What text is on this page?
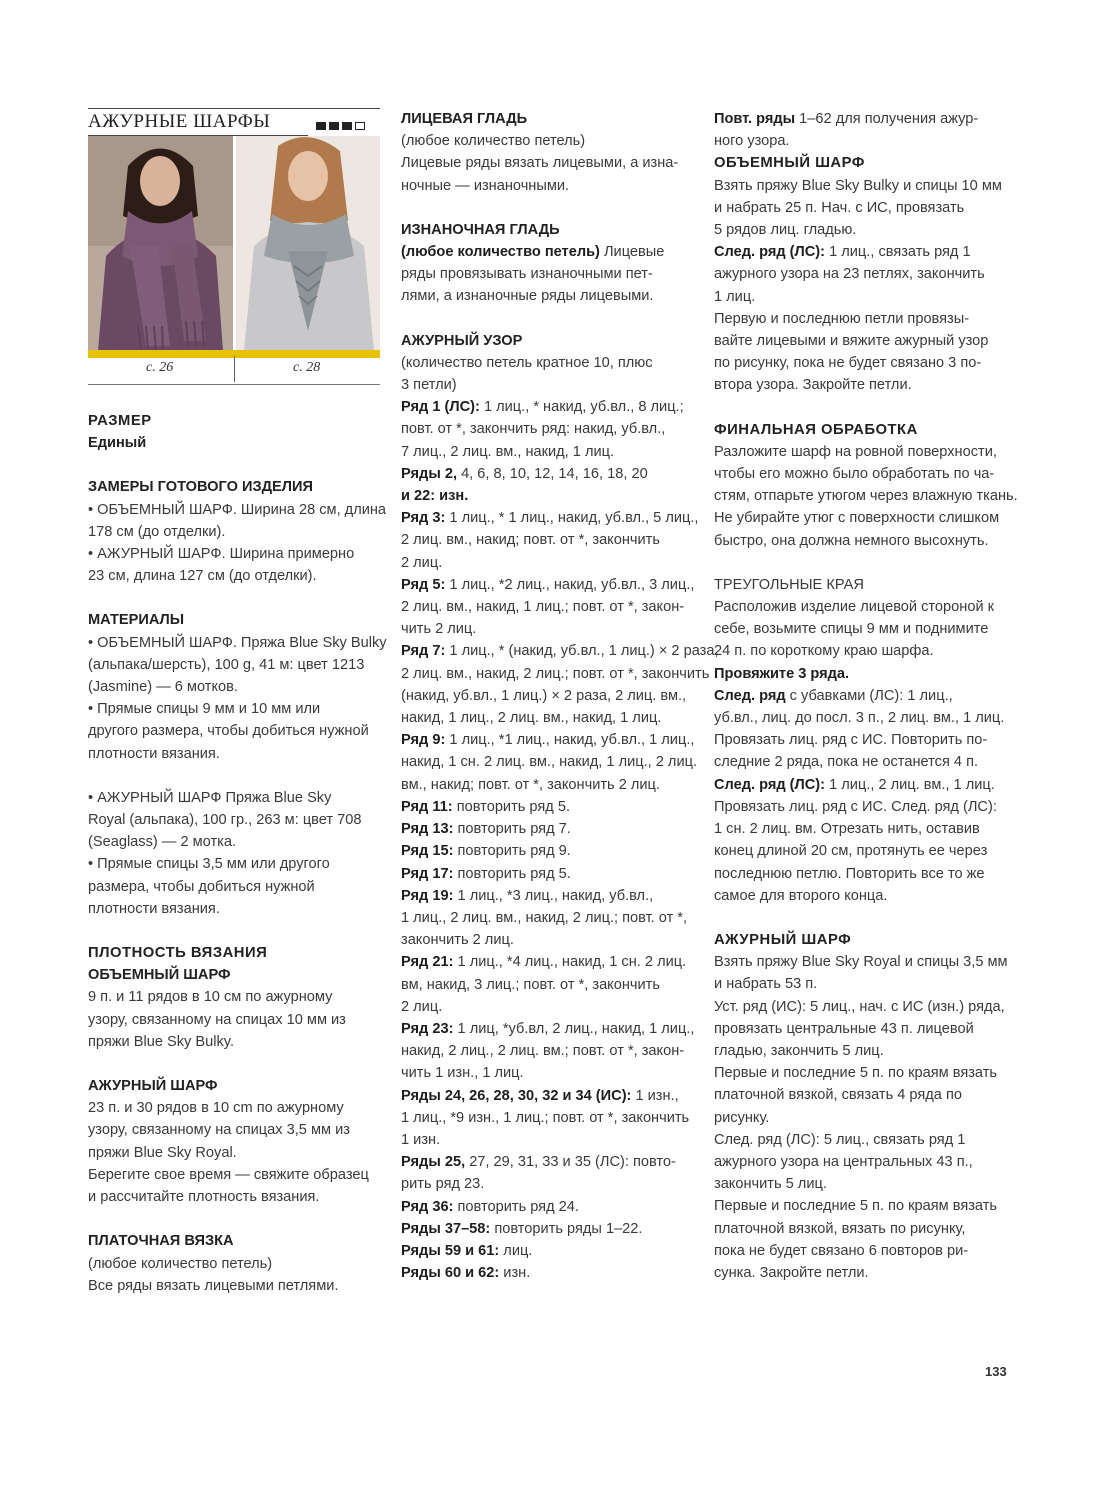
АЖУРНЫЕ ШАРФЫ
с. 26	с. 28
РАЗМЕР
Единый
ЗАМЕРЫ ГОТОВОГО ИЗДЕЛИЯ
• ОБЪЕМНЫЙ ШАРФ. Ширина 28 см, длина
178 см (до отделки).
• АЖУРНЫЙ ШАРФ. Ширина примерно
23 см, длина 127 см (до отделки).
МАТЕРИАЛЫ
• ОБЪЕМНЫЙ ШАРФ. Пряжа Blue Sky Bulky
(альпака/шерсть), 100 g, 41 м: цвет 1213
(Jasmine) — 6 мотков.
• Прямые спицы 9 мм и 10 мм или
другого размера, чтобы добиться нужной
плотности вязания.
• АЖУРНЫЙ ШАРФ Пряжа Blue Sky
Royal (альпака), 100 гр., 263 м: цвет 708
(Seaglass) — 2 мотка.
• Прямые спицы 3,5 мм или другого
размера, чтобы добиться нужной
плотности вязания.
ПЛОТНОСТЬ ВЯЗАНИЯ
ОБЪЕМНЫЙ ШАРФ
9 п. и 11 рядов в 10 см по ажурному
узору, связанному на спицах 10 мм из
пряжи Blue Sky Bulky.
АЖУРНЫЙ ШАРФ
23 п. и 30 рядов в 10 cm по ажурному
узору, связанному на спицах 3,5 мм из
пряжи Blue Sky Royal.
Берегите свое время — свяжите образец
и рассчитайте плотность вязания.
ПЛАТОЧНАЯ ВЯЗКА
(любое количество петель)
Все ряды вязать лицевыми петлями.
ЛИЦЕВАЯ ГЛАДЬ
(любое количество петель)
Лицевые ряды вязать лицевыми, а изна-
ночные — изнаночными.
ИЗНАНОЧНАЯ ГЛАДЬ
(любое количество петель) Лицевые
ряды провязывать изнаночными пет-
лями, а изнаночные ряды лицевыми.
АЖУРНЫЙ УЗОР
(количество петель кратное 10, плюс
3 петли)
Ряд 1 (ЛС): 1 лиц., * накид, уб.вл., 8 лиц.;
повт. от *, закончить ряд: накид, уб.вл.,
7 лиц., 2 лиц. вм., накид, 1 лиц.
Ряды 2, 4, 6, 8, 10, 12, 14, 16, 18, 20
и 22: изн.
Ряд 3: 1 лиц., * 1 лиц., накид, уб.вл., 5 лиц.,
2 лиц. вм., накид; повт. от *, закончить
2 лиц.
Ряд 5: 1 лиц., *2 лиц., накид, уб.вл., 3 лиц.,
2 лиц. вм., накид, 1 лиц.; повт. от *, закон-
чить 2 лиц.
Ряд 7: 1 лиц., * (накид, уб.вл., 1 лиц.) × 2 раза,
2 лиц. вм., накид, 2 лиц.; повт. от *, закончить
(накид, уб.вл., 1 лиц.) × 2 раза, 2 лиц. вм.,
накид, 1 лиц., 2 лиц. вм., накид, 1 лиц.
Ряд 9: 1 лиц., *1 лиц., накид, уб.вл., 1 лиц.,
накид, 1 сн. 2 лиц. вм., накид, 1 лиц., 2 лиц.
вм., накид; повт. от *, закончить 2 лиц.
Ряд 11: повторить ряд 5.
Ряд 13: повторить ряд 7.
Ряд 15: повторить ряд 9.
Ряд 17: повторить ряд 5.
Ряд 19: 1 лиц., *3 лиц., накид, уб.вл.,
1 лиц., 2 лиц. вм., накид, 2 лиц.; повт. от *,
закончить 2 лиц.
Ряд 21: 1 лиц., *4 лиц., накид, 1 сн. 2 лиц.
вм, накид, 3 лиц.; повт. от *, закончить
2 лиц.
Ряд 23: 1 лиц, *уб.вл, 2 лиц., накид, 1 лиц.,
накид, 2 лиц., 2 лиц. вм.; повт. от *, закон-
чить 1 изн., 1 лиц.
Ряды 24, 26, 28, 30, 32 и 34 (ИС): 1 изн.,
1 лиц., *9 изн., 1 лиц.; повт. от *, закончить
1 изн.
Ряды 25, 27, 29, 31, 33 и 35 (ЛС): повто-
рить ряд 23.
Ряд 36: повторить ряд 24.
Ряды 37–58: повторить ряды 1–22.
Ряды 59 и 61: лиц.
Ряды 60 и 62: изн.
Повт. ряды 1–62 для получения ажур-
ного узора.
ОБЪЕМНЫЙ ШАРФ
Взять пряжу Blue Sky Bulky и спицы 10 мм
и набрать 25 п. Нач. с ИС, провязать
5 рядов лиц. гладью.
След. ряд (ЛС): 1 лиц., связать ряд 1
ажурного узора на 23 петлях, закончить
1 лиц.
Первую и последнюю петли провязы-
вайте лицевыми и вяжите ажурный узор
по рисунку, пока не будет связано 3 по-
втора узора. Закройте петли.
ФИНАЛЬНАЯ ОБРАБОТКА
Разложите шарф на ровной поверхности,
чтобы его можно было обработать по ча-
стям, отпарьте утюгом через влажную ткань.
Не убирайте утюг с поверхности слишком
быстро, она должна немного высохнуть.
ТРЕУГОЛЬНЫЕ КРАЯ
Расположив изделие лицевой стороной к
себе, возьмите спицы 9 мм и поднимите
24 п. по короткому краю шарфа.
Провяжите 3 ряда.
След. ряд с убавками (ЛС): 1 лиц.,
уб.вл., лиц. до посл. 3 п., 2 лиц. вм., 1 лиц.
Провязать лиц. ряд с ИС. Повторить по-
следние 2 ряда, пока не останется 4 п.
След. ряд (ЛС): 1 лиц., 2 лиц. вм., 1 лиц.
Провязать лиц. ряд с ИС. След. ряд (ЛС):
1 сн. 2 лиц. вм. Отрезать нить, оставив
конец длиной 20 см, протянуть ее через
последнюю петлю. Повторить все то же
самое для второго конца.
АЖУРНЫЙ ШАРФ
Взять пряжу Blue Sky Royal и спицы 3,5 мм
и набрать 53 п.
Уст. ряд (ИС): 5 лиц., нач. с ИС (изн.) ряда,
провязать центральные 43 п. лицевой
гладью, закончить 5 лиц.
Первые и последние 5 п. по краям вязать
платочной вязкой, связать 4 ряда по
рисунку.
След. ряд (ЛС): 5 лиц., связать ряд 1
ажурного узора на центральных 43 п.,
закончить 5 лиц.
Первые и последние 5 п. по краям вязать
платочной вязкой, вязать по рисунку,
пока не будет связано 6 повторов ри-
сунка. Закройте петли.
133
